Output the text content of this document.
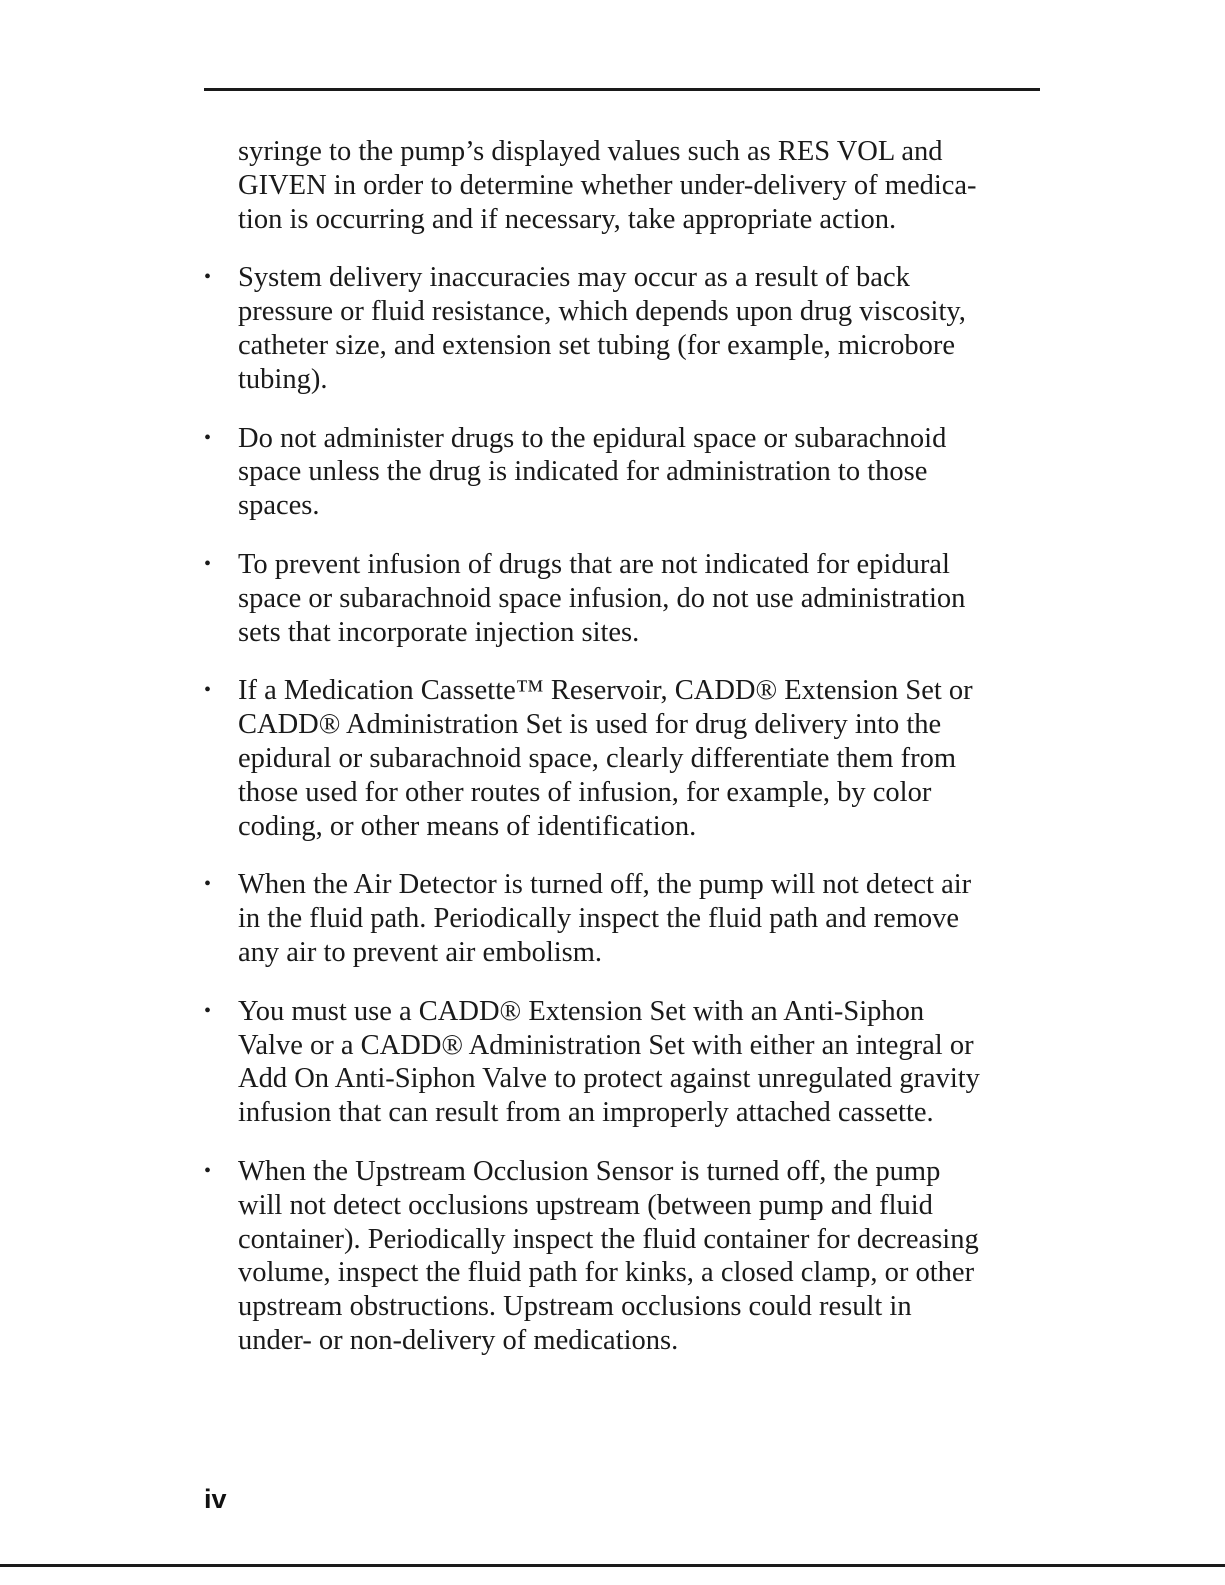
syringe to the pump’s displayed values such as RES VOL and
GIVEN in order to determine whether under-delivery of medica-
tion is occurring and if necessary, take appropriate action.

• System delivery inaccuracies may occur as a result of back
pressure or fluid resistance, which depends upon drug viscosity,
catheter size, and extension set tubing (for example, microbore
tubing).
• Do not administer drugs to the epidural space or subarachnoid
space unless the drug is indicated for administration to those
spaces.
• To prevent infusion of drugs that are not indicated for epidural
space or subarachnoid space infusion, do not use administration
sets that incorporate injection sites.
• If a Medication Cassette™ Reservoir, CADD® Extension Set or
CADD® Administration Set is used for drug delivery into the
epidural or subarachnoid space, clearly differentiate them from
those used for other routes of infusion, for example, by color
coding, or other means of identification.
• When the Air Detector is turned off, the pump will not detect air
in the fluid path. Periodically inspect the fluid path and remove
any air to prevent air embolism.
• You must use a CADD® Extension Set with an Anti-Siphon
Valve or a CADD® Administration Set with either an integral or
Add On Anti-Siphon Valve to protect against unregulated gravity
infusion that can result from an improperly attached cassette.
• When the Upstream Occlusion Sensor is turned off, the pump
will not detect occlusions upstream (between pump and fluid
container). Periodically inspect the fluid container for decreasing
volume, inspect the fluid path for kinks, a closed clamp, or other
upstream obstructions. Upstream occlusions could result in
under- or non-delivery of medications.
iv
